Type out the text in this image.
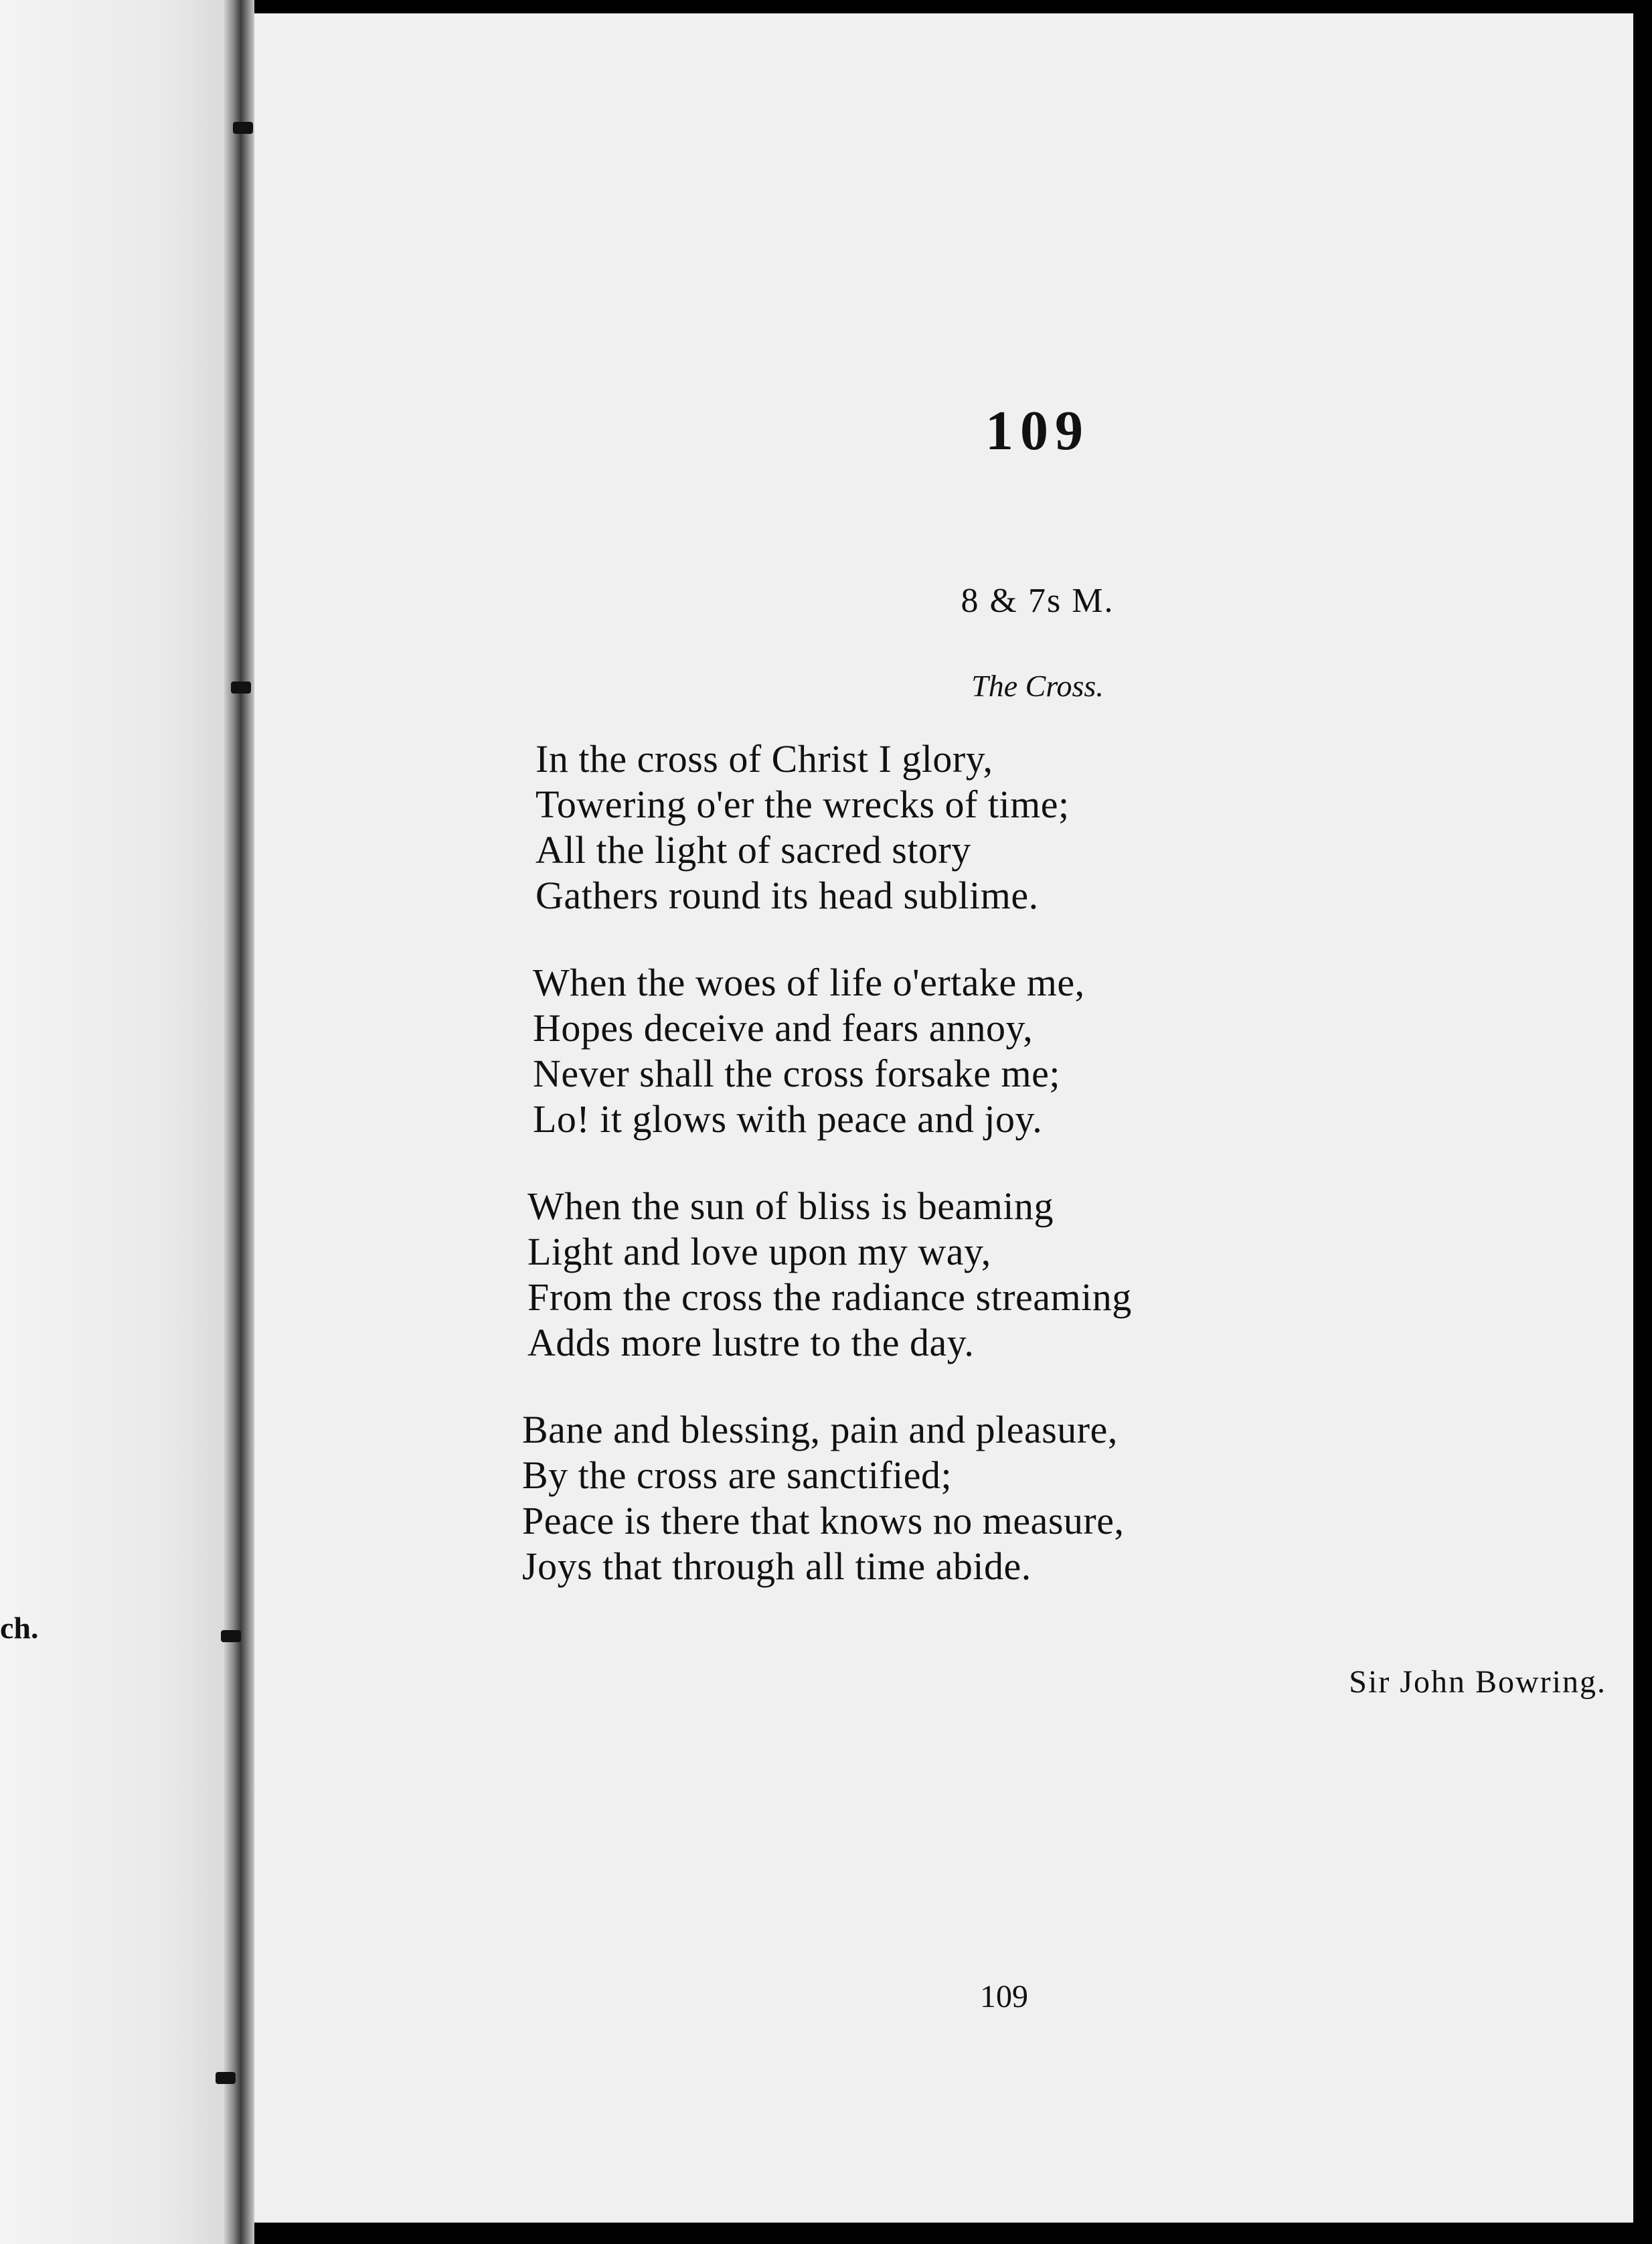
ch.
109
8 & 7s M.
The Cross.
In the cross of Christ I glory,
Towering o'er the wrecks of time;
All the light of sacred story
Gathers round its head sublime.
When the woes of life o'ertake me,
Hopes deceive and fears annoy,
Never shall the cross forsake me;
Lo! it glows with peace and joy.
When the sun of bliss is beaming
Light and love upon my way,
From the cross the radiance streaming
Adds more lustre to the day.
Bane and blessing, pain and pleasure,
By the cross are sanctified;
Peace is there that knows no measure,
Joys that through all time abide.
Sir John Bowring.
109
